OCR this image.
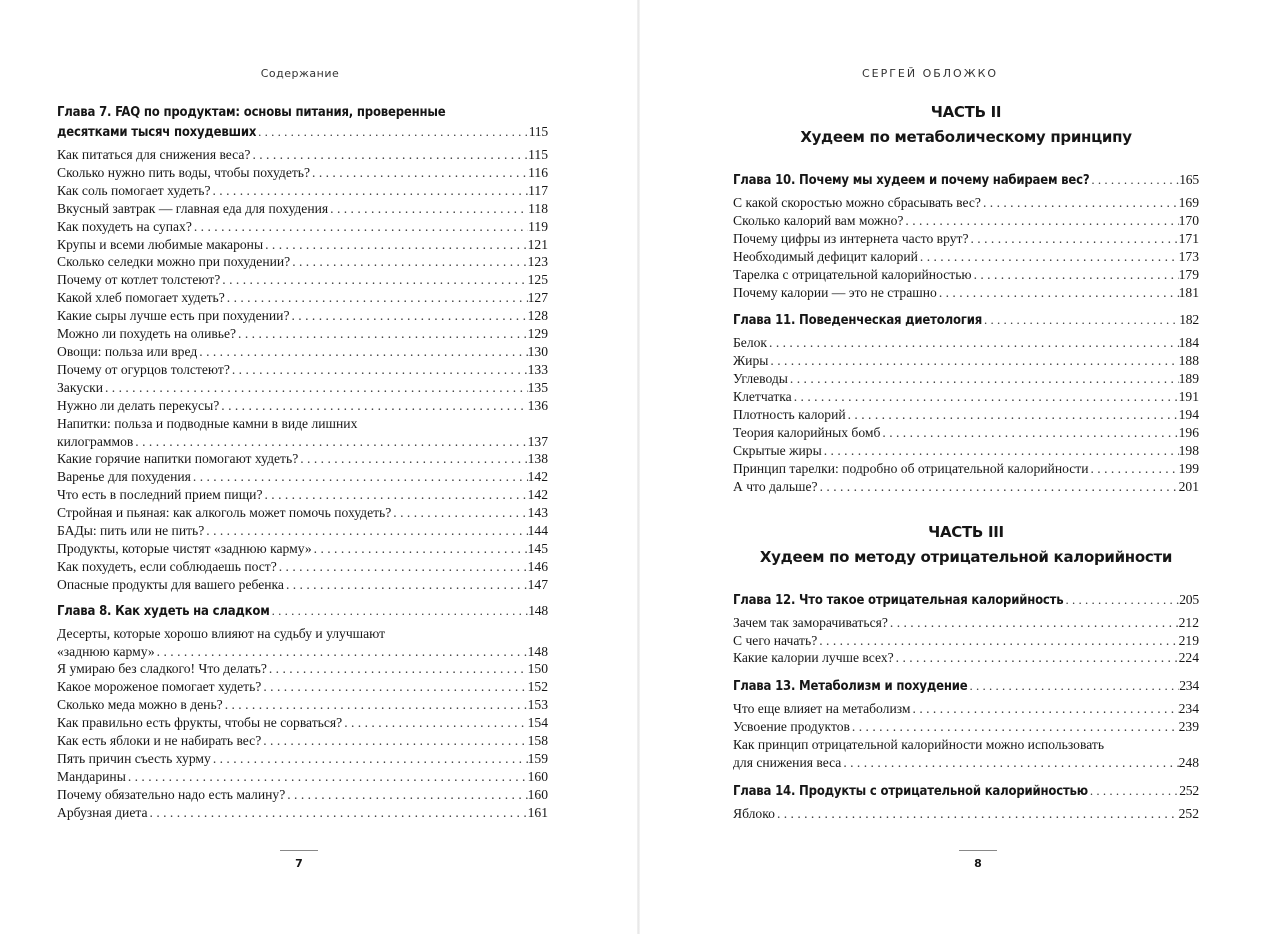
Содержание
Глава 7. FAQ по продуктам: основы питания, проверенные
десятками тысяч похудевших . . .	115
Как питаться для снижения веса? . . .	115
Сколько нужно пить воды, чтобы похудеть? . . .	116
Как соль помогает худеть? . . .	117
Вкусный завтрак — главная еда для похудения . . .	118
Как похудеть на супах? . . .	119
Крупы и всеми любимые макароны . . .	121
Сколько селедки можно при похудении? . . .	123
Почему от котлет толстеют? . . .	125
Какой хлеб помогает худеть? . . .	127
Какие сыры лучше есть при похудении? . . .	128
Можно ли похудеть на оливье? . . .	129
Овощи: польза или вред . . .	130
Почему от огурцов толстеют? . . .	133
Закуски . . .	135
Нужно ли делать перекусы? . . .	136
Напитки: польза и подводные камни в виде лишних
килограммов . . .	137
Какие горячие напитки помогают худеть? . . .	138
Варенье для похудения . . .	142
Что есть в последний прием пищи? . . .	142
Стройная и пьяная: как алкоголь может помочь похудеть? . . .	143
БАДы: пить или не пить? . . .	144
Продукты, которые чистят «заднюю карму» . . .	145
Как похудеть, если соблюдаешь пост? . . .	146
Опасные продукты для вашего ребенка . . .	147
Глава 8. Как худеть на сладком . . .	148
Десерты, которые хорошо влияют на судьбу и улучшают
«заднюю карму» . . .	148
Я умираю без сладкого! Что делать? . . .	150
Какое мороженое помогает худеть? . . .	152
Сколько меда можно в день? . . .	153
Как правильно есть фрукты, чтобы не сорваться? . . .	154
Как есть яблоки и не набирать вес? . . .	158
Пять причин съесть хурму . . .	159
Мандарины . . .	160
Почему обязательно надо есть малину? . . .	160
Арбузная диета . . .	161
7
СЕРГЕЙ ОБЛОЖКО
ЧАСТЬ II
Худеем по метаболическому принципу
Глава 10. Почему мы худеем и почему набираем вес? . . .	165
С какой скоростью можно сбрасывать вес? . . .	169
Сколько калорий вам можно? . . .	170
Почему цифры из интернета часто врут? . . .	171
Необходимый дефицит калорий . . .	173
Тарелка с отрицательной калорийностью . . .	179
Почему калории — это не страшно . . .	181
Глава 11. Поведенческая диетология . . .	182
Белок . . .	184
Жиры . . .	188
Углеводы . . .	189
Клетчатка . . .	191
Плотность калорий . . .	194
Теория калорийных бомб . . .	196
Скрытые жиры . . .	198
Принцип тарелки: подробно об отрицательной калорийности . . .	199
А что дальше? . . .	201
ЧАСТЬ III
Худеем по методу отрицательной калорийности
Глава 12. Что такое отрицательная калорийность . . .	205
Зачем так заморачиваться? . . .	212
С чего начать? . . .	219
Какие калории лучше всех? . . .	224
Глава 13. Метаболизм и похудение . . .	234
Что еще влияет на метаболизм . . .	234
Усвоение продуктов . . .	239
Как принцип отрицательной калорийности можно использовать
для снижения веса . . .	248
Глава 14. Продукты с отрицательной калорийностью . . .	252
Яблоко . . .	252
8
